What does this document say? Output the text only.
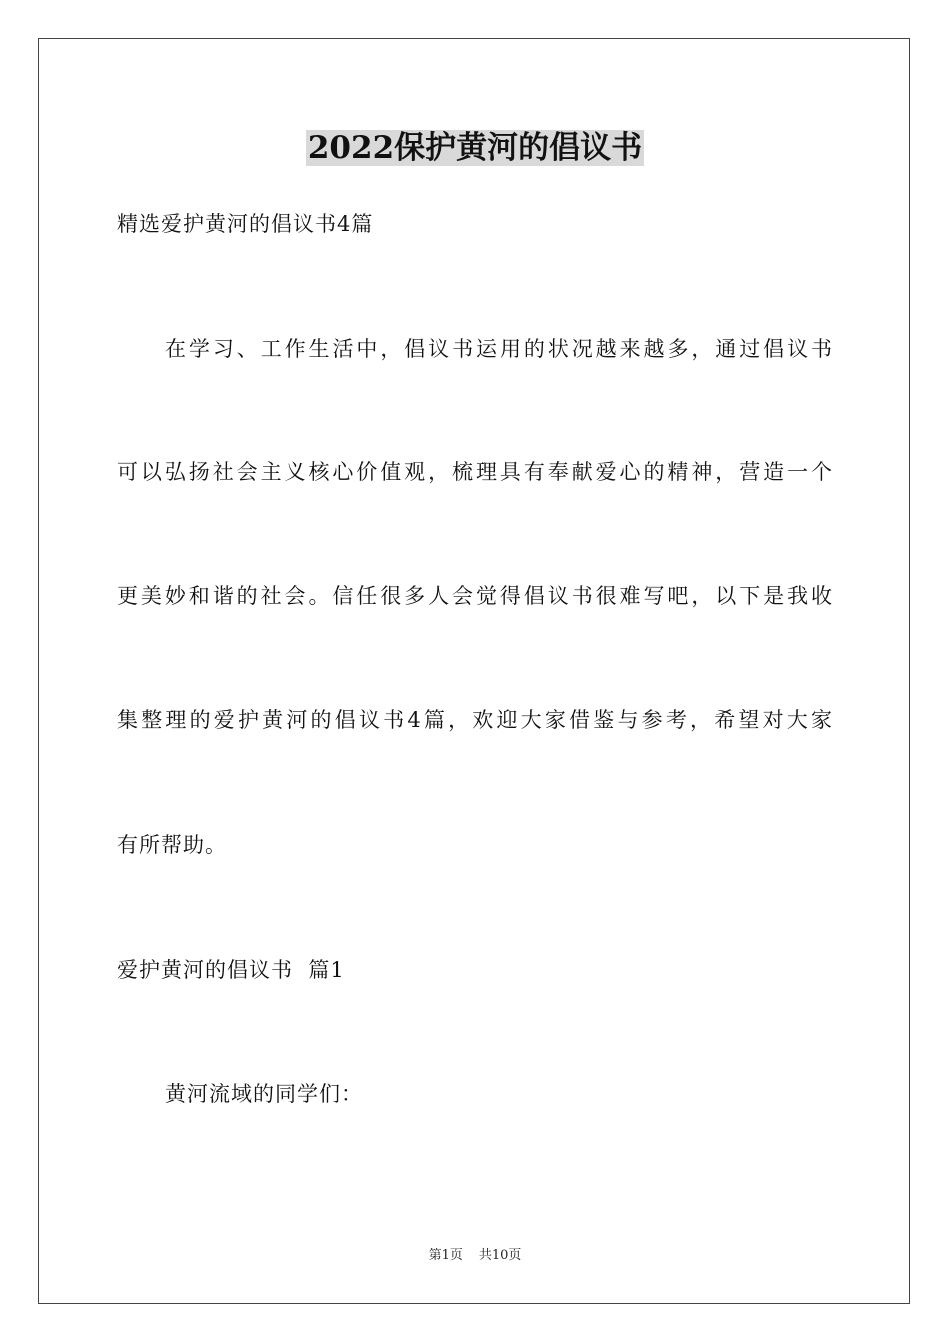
2022保护黄河的倡议书
精选爱护黄河的倡议书4篇
在学习、工作生活中，倡议书运用的状况越来越多，通过倡议书
可以弘扬社会主义核心价值观，梳理具有奉献爱心的精神，营造一个
更美妙和谐的社会。信任很多人会觉得倡议书很难写吧，以下是我收
集整理的爱护黄河的倡议书4篇，欢迎大家借鉴与参考，希望对大家
有所帮助。
爱护黄河的倡议书  篇1
黄河流域的同学们：
第1页 共10页
